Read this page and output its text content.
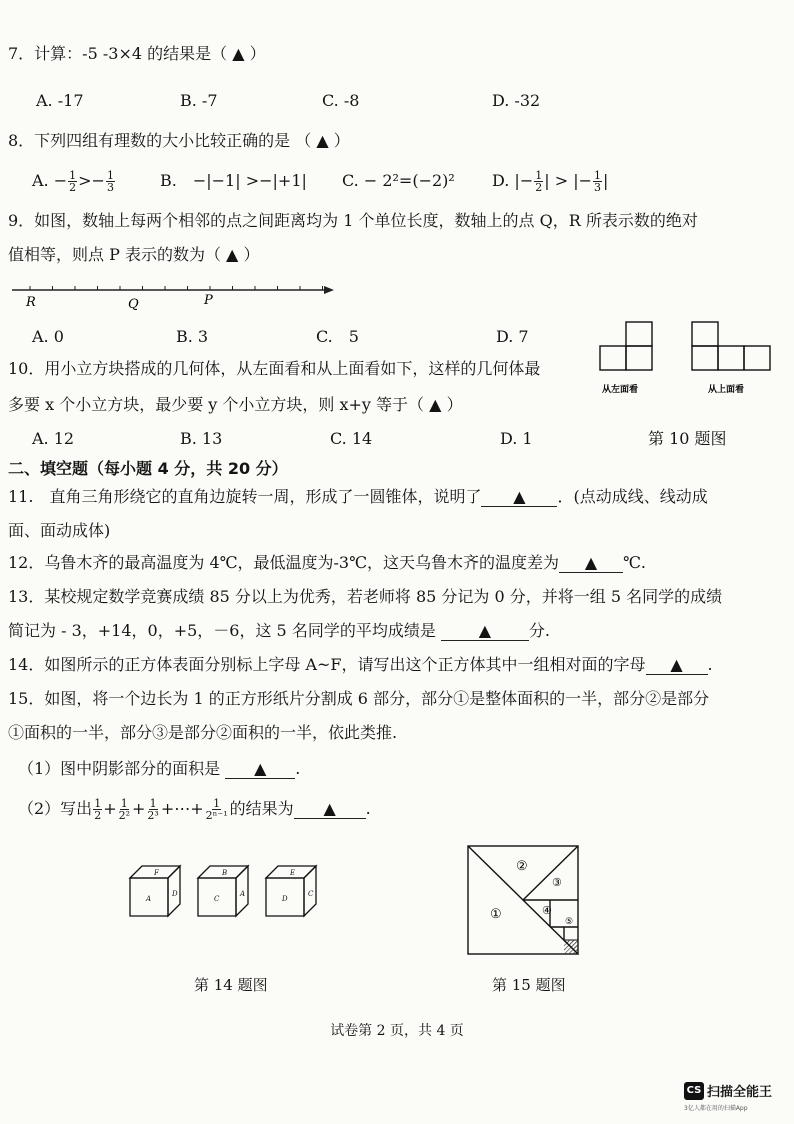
7．计算：-5 -3×4 的结果是（ ▲ ）
A. -17	B. -7	C. -8	D. -32
8．下列四组有理数的大小比较正确的是 （ ▲ ）
A. − $\frac{1}{2} >- \frac{1}{3}$	B.　−|−1| >−|+1| C. − 2²=(−2)² D. |− $\frac{1}{2}$ | > |− $\frac{1}{3}$ |
9．如图，数轴上每两个相邻的点之间距离均为 1 个单位长度，数轴上的点 Q，R 所表示数的绝对
值相等，则点 P 表示的数为（ ▲ ）
R	Q	P
A. 0	B. 3	C.　5	D. 7
从左面看	从上面看
10．用小立方块搭成的几何体，从左面看和从上面看如下，这样的几何体最
多要 x 个小立方块，最少要 y 个小立方块，则 x+y 等于（ ▲ ）
A. 12	B. 13	C. 14	D. 1	第 10 题图
二、填空题（每小题 4 分，共 20 分）
11.　直角三角形绕它的直角边旋转一周，形成了一圆锥体，说明了 ▲ ．(点动成线、线动成
面、面动成体)
12．乌鲁木齐的最高温度为 4℃，最低温度为-3℃，这天乌鲁木齐的温度差为 ▲ ℃.
13．某校规定数学竞赛成绩 85 分以上为优秀，若老师将 85 分记为 0 分，并将一组 5 名同学的成绩
简记为 - 3，+14，0，+5，－6，这 5 名同学的平均成绩是	▲ 分.
14．如图所示的正方体表面分别标上字母 A~F，请写出这个正方体其中一组相对面的字母 ▲ .
15．如图，将一个边长为 1 的正方形纸片分割成 6 部分，部分①是整体面积的一半，部分②是部分
①面积的一半，部分③是部分②面积的一半，依此类推.
（1）图中阴影部分的面积是 ▲ .
（2）写出 $\frac{1}{2} + \frac{1}{\text{2²}} + \frac{1}{\text{2³}}$ +⋯+ $\frac{1}{\text{2ⁿ⁻¹}}$ 的结果为 ▲ .
F
A
D
B
C
A
E
D
C
第 14 题图
①
②
③
④
⑤
第 15 题图
试卷第 2 页，共 4 页
CS 扫描全能王
3亿人都在用的扫描App
